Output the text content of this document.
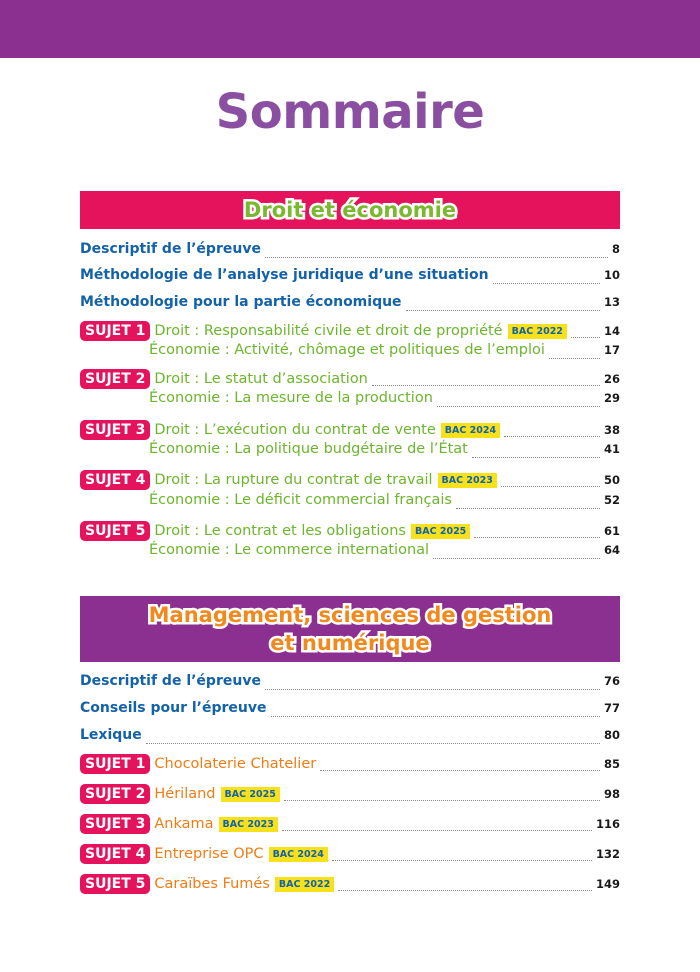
Sommaire
Droit et économie
Descriptif de l’épreuve	8
Méthodologie de l’analyse juridique d’une situation	10
Méthodologie pour la partie économique	13
SUJET 1 Droit : Responsabilité civile et droit de propriété BAC 2022	14
Économie : Activité, chômage et politiques de l’emploi	17
SUJET 2 Droit : Le statut d’association	26
Économie : La mesure de la production	29
SUJET 3 Droit : L’exécution du contrat de vente BAC 2024	38
Économie : La politique budgétaire de l’État	41
SUJET 4 Droit : La rupture du contrat de travail BAC 2023	50
Économie : Le déficit commercial français	52
SUJET 5 Droit : Le contrat et les obligations BAC 2025	61
Économie : Le commerce international	64
Management, sciences de gestion et numérique
Descriptif de l’épreuve	76
Conseils pour l’épreuve	77
Lexique	80
SUJET 1 Chocolaterie Chatelier	85
SUJET 2 Hériland BAC 2025	98
SUJET 3 Ankama BAC 2023	116
SUJET 4 Entreprise OPC BAC 2024	132
SUJET 5 Caraïbes Fumés BAC 2022	149
